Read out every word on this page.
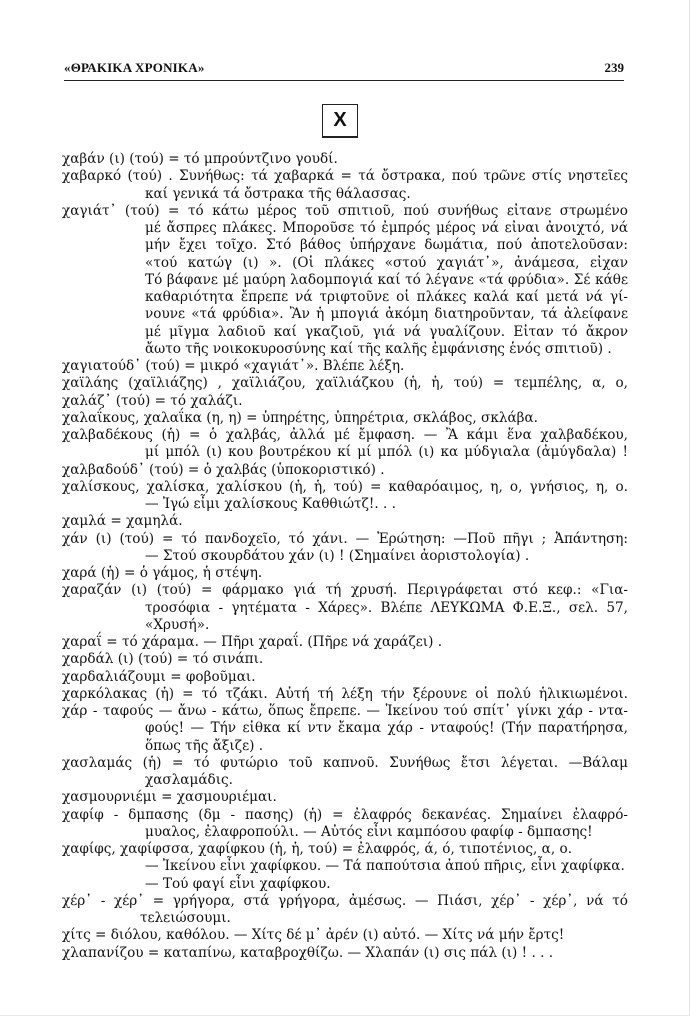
«ΘΡΑΚΙΚΑ ΧΡΟΝΙΚΑ»	239
X
χαβάν (ι) (τού) = τό μπρούντζινο γουδί.
χαβαρκό (τού) . Συνήθως: τά χαβαρκά = τά ὄστρακα, πού τρῶνε στίς νηστεῖες
καί γενικά τά ὄστρακα τῆς θάλασσας.
χαγιάτ᾽ (τού) = τό κάτω μέρος τοῦ σπιτιοῦ, πού συνήθως εἶτανε στρωμένο
μέ ἄσπρες πλάκες. Μποροῦσε τό ἐμπρός μέρος νά εἶναι ἀνοιχτό, νά
μήν ἔχει τοῖχο. Στό βάθος ὑπήρχανε δωμάτια, πού ἀποτελοῦσαν:
«τού κατώγ (ι) ». (Οἱ πλάκες «στού χαγιάτ᾽», ἀνάμεσα, εἶχαν
Τό βάφανε μέ μαύρη λαδομπογιά καί τό λέγανε «τά φρύδια». Σέ κάθε
καθαριότητα ἔπρεπε νά τριφτοῦνε οἱ πλάκες καλά καί μετά νά γί-
νουνε «τά φρύδια». Ἂν ἡ μπογιά ἀκόμη διατηροῦνταν, τά ἀλείφανε
μέ μῖγμα λαδιοῦ καί γκαζιοῦ, γιά νά γυαλίζουν. Εἶταν τό ἄκρον
ἄωτο τῆς νοικοκυροσύνης καί τῆς καλῆς ἐμφάνισης ἑνός σπιτιοῦ) .
χαγιατούδ᾽ (τού) = μικρό «χαγιάτ᾽». Βλέπε λέξη.
χαϊλάης (χαϊλιάζης) , χαϊλιάζου, χαϊλιάζκου (ἡ, ἡ, τού) = τεμπέλης, α, ο,
χαλάζ᾽ (τού) = τό χαλάζι.
χαλαΐκους, χαλαΐκα (η, η) = ὑπηρέτης, ὑπηρέτρια, σκλάβος, σκλάβα.
χαλβαδέκους (ἡ) = ὁ χαλβάς, ἀλλά μέ ἔμφαση. — Ἂ κάμι ἕνα χαλβαδέκου,
μί μπόλ (ι) κου βουτρέκου κί μί μπόλ (ι) κα μύδγιαλα (ἀμύγδαλα) !
χαλβαδούδ᾽ (τού) = ὁ χαλβάς (ὑποκοριστικό) .
χαλίσκους, χαλίσκα, χαλίσκου (ἡ, ἡ, τού) = καθαρόαιμος, η, ο, γνήσιος, η, ο.
— Ἰγώ εἶμι χαλίσκους Καθθιώτζ!. . .
χαμλά = χαμηλά.
χάν (ι) (τού) = τό πανδοχεῖο, τό χάνι. — Ἐρώτηση: —Ποῦ πῆγι ; Ἀπάντηση:
— Στού σκουρδάτου χάν (ι) ! (Σημαίνει ἀοριστολογία) .
χαρά (ἡ) = ὁ γάμος, ἡ στέψη.
χαραζάν (ι) (τού) = φάρμακο γιά τή χρυσή. Περιγράφεται στό κεφ.: «Για-
τροσόφια - γητέματα - Χάρες». Βλέπε ΛΕΥΚΩΜΑ Φ.Ε.Ξ., σελ. 57,
«Χρυσή».
χαραΐ = τό χάραμα. — Πῆρι χαραΐ. (Πῆρε νά χαράζει) .
χαρδάλ (ι) (τού) = τό σινάπι.
χαρδαλιάζουμι = φοβοῦμαι.
χαρκόλακας (ἡ) = τό τζάκι. Αὐτή τή λέξη τήν ξέρουνε οἱ πολύ ἡλικιωμένοι.
χάρ - ταφούς — ἄνω - κάτω, ὅπως ἔπρεπε. — Ἰκείνου τού σπίτ᾽ γίνκι χάρ - ντα-
φούς! — Τήν εἶθκα κί ντν ἔκαμα χάρ - νταφούς! (Τήν παρατήρησα,
ὅπως τῆς ἄξιζε) .
χασλαμάς (ἡ) = τό φυτώριο τοῦ καπνοῦ. Συνήθως ἔτσι λέγεται. —Βάλαμ
χασλαμάδις.
χασμουρνιέμι = χασμουριέμαι.
χαφίφ - δμπασης (δμ - πασης) (ἡ) = ἐλαφρός δεκανέας. Σημαίνει ἐλαφρό-
μυαλος, ἐλαφροπούλι. — Αὐτός εἶνι καμπόσου φαφίφ - δμπασης!
χαφίφς, χαφίφσσα, χαφίφκου (ἡ, ἡ, τού) = ἐλαφρός, ά, ό, τιποτένιος, α, ο.
— Ἰκείνου εἶνι χαφίφκου. — Τά παπούτσια ἀπού πῆρις, εἶνι χαφίφκα.
— Τού φαγί εἶνι χαφίφκου.
χέρ᾽ - χέρ᾽ = γρήγορα, στά γρήγορα, ἀμέσως. — Πιάσι, χέρ᾽ - χέρ᾽, νά τό
τελειώσουμι.
χίτς = διόλου, καθόλου. — Χίτς δέ μ᾽ ἀρέν (ι) αὐτό. — Χίτς νά μήν ἔρτς!
χλαπανίζου = καταπίνω, καταβροχθίζω. — Χλαπάν (ι) σις πάλ (ι) ! . . .
